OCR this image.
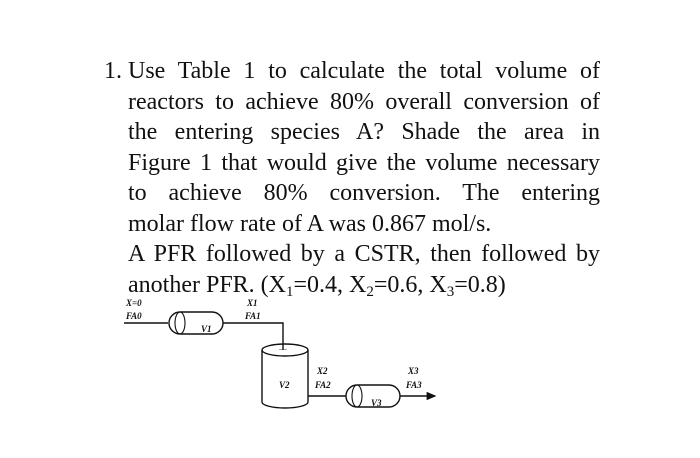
1. Use Table 1 to calculate the total volume of
reactors to achieve 80% overall conversion of
the entering species A? Shade the area in
Figure 1 that would give the volume necessary
to achieve 80% conversion. The entering
molar flow rate of A was 0.867 mol/s.
A PFR followed by a CSTR, then followed by
another PFR. ($X_1=0.4$, $X_2=0.6$, $X_3=0.8$)
X=0
FA0
V1
X1
FA1
V2
X2
FA2
V3
X3
FA3
